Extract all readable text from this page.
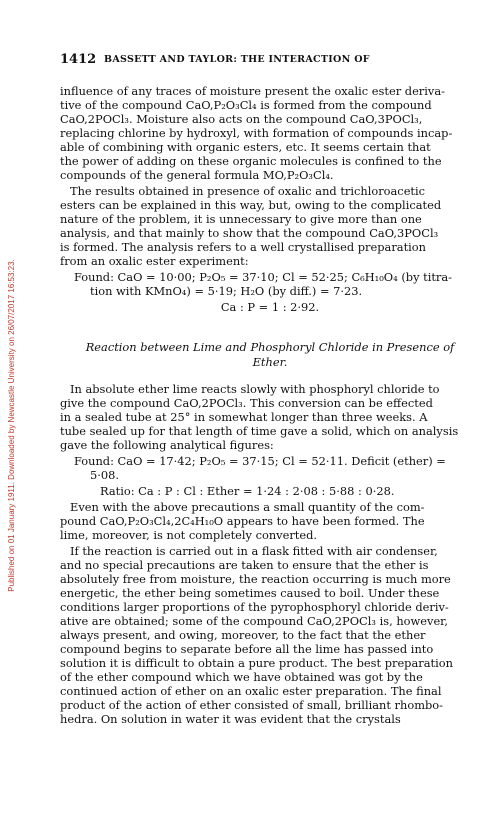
Published on 01 January 1911. Downloaded by Newcastle University on 26/07/2017 16:53:23.
1412 BASSETT AND TAYLOR: THE INTERACTION OF
influence of any traces of moisture present the oxalic ester deriva-
tive of the compound CaO,P₂O₃Cl₄ is formed from the compound
CaO,2POCl₃. Moisture also acts on the compound CaO,3POCl₃,
replacing chlorine by hydroxyl, with formation of compounds incap-
able of combining with organic esters, etc. It seems certain that
the power of adding on these organic molecules is confined to the
compounds of the general formula MO,P₂O₃Cl₄.
The results obtained in presence of oxalic and trichloroacetic
esters can be explained in this way, but, owing to the complicated
nature of the problem, it is unnecessary to give more than one
analysis, and that mainly to show that the compound CaO,3POCl₃
is formed. The analysis refers to a well crystallised preparation
from an oxalic ester experiment:
Found: CaO = 10·00; P₂O₅ = 37·10; Cl = 52·25; C₆H₁₀O₄ (by titra-
tion with KMnO₄) = 5·19; H₂O (by diff.) = 7·23.
Ca : P = 1 : 2·92.
Reaction between Lime and Phosphoryl Chloride in Presence of
Ether.
In absolute ether lime reacts slowly with phosphoryl chloride to
give the compound CaO,2POCl₃. This conversion can be effected
in a sealed tube at 25° in somewhat longer than three weeks. A
tube sealed up for that length of time gave a solid, which on analysis
gave the following analytical figures:
Found: CaO = 17·42; P₂O₅ = 37·15; Cl = 52·11. Deficit (ether) =
5·08.
Ratio: Ca : P : Cl : Ether = 1·24 : 2·08 : 5·88 : 0·28.
Even with the above precautions a small quantity of the com-
pound CaO,P₂O₃Cl₄,2C₄H₁₀O appears to have been formed. The
lime, moreover, is not completely converted.
If the reaction is carried out in a flask fitted with air condenser,
and no special precautions are taken to ensure that the ether is
absolutely free from moisture, the reaction occurring is much more
energetic, the ether being sometimes caused to boil. Under these
conditions larger proportions of the pyrophosphoryl chloride deriv-
ative are obtained; some of the compound CaO,2POCl₃ is, however,
always present, and owing, moreover, to the fact that the ether
compound begins to separate before all the lime has passed into
solution it is difficult to obtain a pure product. The best preparation
of the ether compound which we have obtained was got by the
continued action of ether on an oxalic ester preparation. The final
product of the action of ether consisted of small, brilliant rhombo-
hedra. On solution in water it was evident that the crystals
